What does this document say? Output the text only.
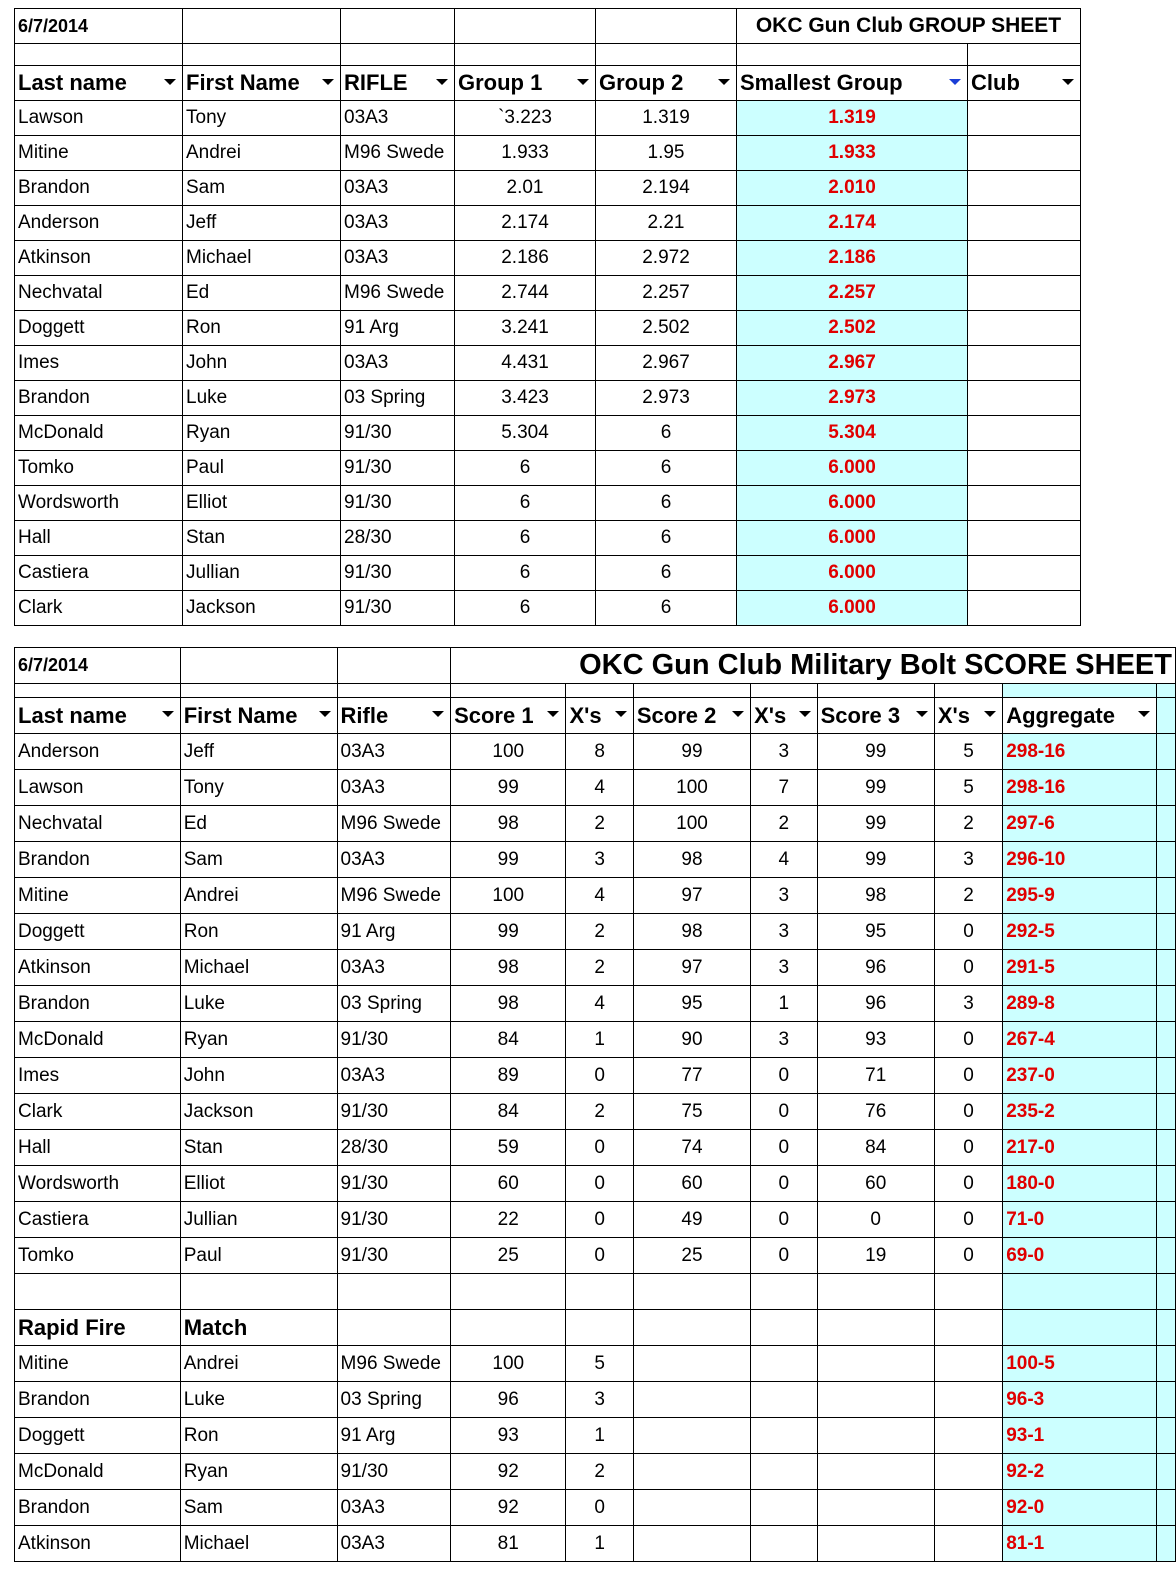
6/7/2014					OKC Gun Club GROUP SHEET	

Last name	First Name	RIFLE	Group 1	Group 2	Smallest Group	Club

Lawson	Tony	03A3	`3.223	1.319	1.319	
Mitine	Andrei	M96 Swede	1.933	1.95	1.933	
Brandon	Sam	03A3	2.01	2.194	2.010	
Anderson	Jeff	03A3	2.174	2.21	2.174	
Atkinson	Michael	03A3	2.186	2.972	2.186	
Nechvatal	Ed	M96 Swede	2.744	2.257	2.257	
Doggett	Ron	91 Arg	3.241	2.502	2.502	
Imes	John	03A3	4.431	2.967	2.967	
Brandon	Luke	03 Spring	3.423	2.973	2.973	
McDonald	Ryan	91/30	5.304	6	5.304	
Tomko	Paul	91/30	6	6	6.000	
Wordsworth	Elliot	91/30	6	6	6.000	
Hall	Stan	28/30	6	6	6.000	
Castiera	Jullian	91/30	6	6	6.000	
Clark	Jackson	91/30	6	6	6.000	
6/7/2014			OKC Gun Club Military Bolt SCORE SHEET							

Last name	First Name	Rifle	Score 1	X's	Score 2	X's	Score 3	X's	Aggregate

Anderson	Jeff	03A3	100	8	99	3	99	5	298-16	
Lawson	Tony	03A3	99	4	100	7	99	5	298-16	
Nechvatal	Ed	M96 Swede	98	2	100	2	99	2	297-6	
Brandon	Sam	03A3	99	3	98	4	99	3	296-10	
Mitine	Andrei	M96 Swede	100	4	97	3	98	2	295-9	
Doggett	Ron	91 Arg	99	2	98	3	95	0	292-5	
Atkinson	Michael	03A3	98	2	97	3	96	0	291-5	
Brandon	Luke	03 Spring	98	4	95	1	96	3	289-8	
McDonald	Ryan	91/30	84	1	90	3	93	0	267-4	
Imes	John	03A3	89	0	77	0	71	0	237-0	
Clark	Jackson	91/30	84	2	75	0	76	0	235-2	
Hall	Stan	28/30	59	0	74	0	84	0	217-0	
Wordsworth	Elliot	91/30	60	0	60	0	60	0	180-0	
Castiera	Jullian	91/30	22	0	49	0	0	0	71-0	
Tomko	Paul	91/30	25	0	25	0	19	0	69-0	

Rapid Fire	Match									
Mitine	Andrei	M96 Swede	100	5					100-5	
Brandon	Luke	03 Spring	96	3					96-3	
Doggett	Ron	91 Arg	93	1					93-1	
McDonald	Ryan	91/30	92	2					92-2	
Brandon	Sam	03A3	92	0					92-0	
Atkinson	Michael	03A3	81	1					81-1	
